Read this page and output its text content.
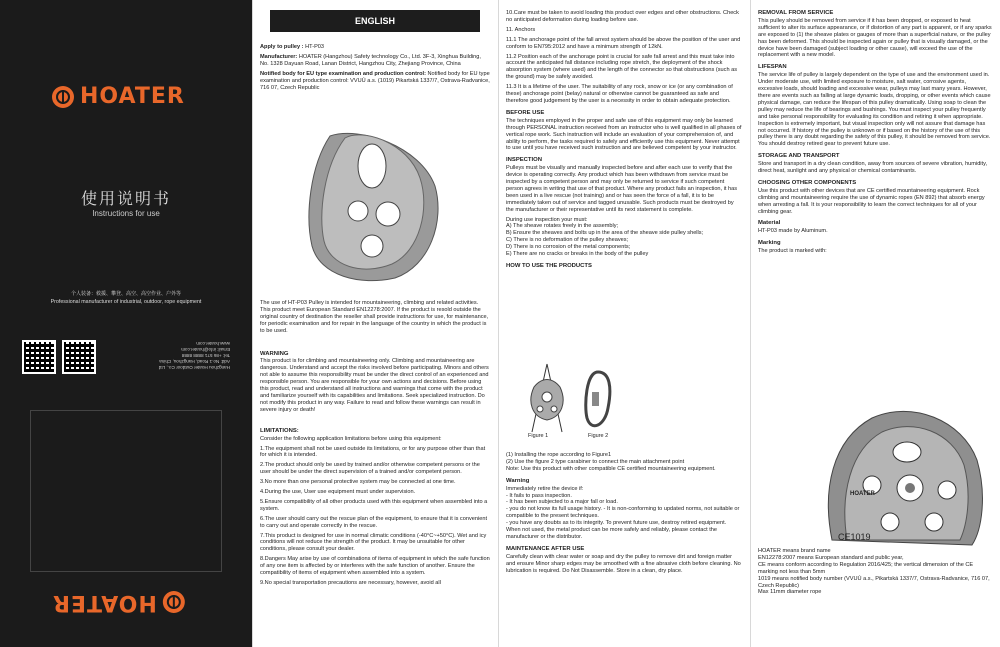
HOATER
使用说明书
Instructions for use
个人装备：救援、攀登、高空、高空作业、户外等
Professional manufacturer of industrial, outdoor, rope equipment
Hangzhou Hoater Outdoor Co., Ltd
Add: No.1 Road, Hangzhou, China
Tel: +86 571 8888 8888
Email: info@hoater.com
www.hoater.com
HOATER
ENGLISH

Apply to pulley : HT-P03

Manufacturer: HOATER (Hangzhou) Safety technology Co., Ltd. 3F-3, Xinghua Building, No. 1328 Dayuan Road, Lanan District, Hangzhou City, Zhejiang Province, China

Notified body for EU type examination and production control: Notified body for EU type examination and production control: VVUÚ a.s. (1019) Pikartská 1337/7, Ostrava-Radvanice, 716 07, Czech Republic

The use of HT-P03 Pulley is intended for mountaineering, climbing and related activities. This product meet European Standard EN12278:2007. If the product is resold outside the original country of destination the reseller shall provide instructions for use, for maintenance, for periodic examination and for repair in the language of the country in which the product is to be used.

WARNING

This product is for climbing and mountaineering only. Climbing and mountaineering are dangerous. Understand and accept the risks involved before participating. Minors and others not able to assume this responsibility must be under the direct control of an experienced and responsible person. You are responsible for your own actions and decisions. Before using this product, read and understand all instructions and warnings that come with the product and familiarize yourself with its capabilities and limitations. Seek specialized instruction. Do not modify this product in any way. Failure to read and follow these warnings can result in severe injury or death!

LIMITATIONS:

Consider the following application limitations before using this equipment:

1.The equipment shall not be used outside its limitations, or for any purpose other than that for which it is intended.

2.The product should only be used by trained and/or otherwise competent persons or the user should be under the direct supervision of a trained and/or competent person.

3.No more than one personal protective system may be connected at one time.

4.During the use, User use equipment must under supervision.

5.Ensure compatibility of all other products used with this equipment when assembled into a system.

6.The user should carry out the rescue plan of the equipment, to ensure that it is convenient to carry out and operate correctly in the rescue.

7.This product is designed for use in normal climatic conditions (-40°C~+50°C). Wet and icy conditions will not reduce the strength of the product. It may be unsuitable for other conditions, please consult your dealer.

8.Dangers May arise by use of combinations of items of equipment in which the safe function of any one item is affected by or interferes with the safe function of another. Ensure the compatibility of items of equipment when assembled into a system.

9.No special transportation precautions are necessary, however, avoid all

10.Care must be taken to avoid loading this product over edges and other obstructions. Check no anticipated deformation during loading before use.

11. Anchors

11.1 The anchorage point of the fall arrest system should be above the position of the user and conform to EN795:2012 and have a minimum strength of 12kN.

11.2 Position each of the anchorage point is crucial for safe fall arrest and this must take into account the anticipated fall distance including rope stretch, the deployment of the shock absorption system (where used) and the length of the connector so that obstructions (such as the ground) may be safely avoided.

11.3 It is a lifetime of the user. The suitability of any rock, snow or ice (or any combination of these) anchorage point (belay) natural or otherwise cannot be guaranteed as safe and therefore good judgement by the user is a necessity in order to obtain adequate protection.

BEFORE USE

The techniques employed in the proper and safe use of this equipment may only be learned through PERSONAL instruction received from an instructor who is well qualified in all phases of vertical rope work. Such instruction will include an evaluation of your comprehension of, and ability to perform, the tasks required to safely and efficiently use this equipment. Never attempt to use until you have received such instruction and are believed competent by your instructor.

INSPECTION

Pulleys must be visually and manually inspected before and after each use to verify that the device is operating correctly. Any product which has been withdrawn from service must be inspected by a competent person and may only be returned to service if such competent person agrees in writing that use of that product. Where any product fails an inspection, it has been used in a live rescue (not training) and or has seen the force of a fall, it is to be immediately taken out of service and tagged unusable. Such products must be destroyed by the manufacturer or their representative until its next statement is complete.

During use inspection your must:

A) The sheave rotates freely in the assembly;

B) Ensure the sheaves and bolts up in the area of the sheave side pulley shells;

C) There is no deformation of the pulley sheaves;

D) There is no corrosion of the metal components;

E) There are no cracks or breaks in the body of the pulley

HOW TO USE THE PRODUCTS
Figure 1	Figure 2

(1) Installing the rope according to Figure1

(2) Use the figure 2 type carabiner to connect the main attachment point

Note: Use this product with other compatible CE certified mountaineering equipment.

Warning

Immediately retire the device if:

- It fails to pass inspection.

- It has been subjected to a major fall or load.

- you do not know its full usage history. - It is non-conforming to updated norms, not suitable or compatible to the present techniques.

- you have any doubts as to its integrity. To prevent future use, destroy retired equipment.

When not used, the metal product can be more safely and reliably, please contact the manufacturer or the distributor.

MAINTENANCE AFTER USE

Carefully clean with clear water or soap and dry the pulley to remove dirt and foreign matter and ensure Minor sharp edges may be smoothed with a fine abrasive cloth before cleaning. No lubrication is required. Do Not Disassemble. Store in a clean, dry place.

REMOVAL FROM SERVICE

This pulley should be removed from service if it has been dropped, or exposed to heat sufficient to alter its surface appearance, or if distortion of any part is apparent, or if any sparks are exposed to (1) the sheave plates or gauges of more than a superficial nature, or the pulley has been deformed. This should be inspected again or pulley that is visually damaged, or the device have been damaged (subject loading or other cause), will exceed the use of the replacement with a new model.

LIFESPAN

The service life of pulley is largely dependent on the type of use and the environment used in. Under moderate use, with limited exposure to moisture, salt water, corrosive agents, excessive loads, should loading and excessive wear, pulleys may last many years. However, there are events such as falling at large dynamic loads, dropping, or other events which cause physical damage, can reduce the lifespan of this pulley dramatically. Using soap to clean the pulley may reduce the life of bearings and bushings. You must inspect your pulley frequently and take personal responsibility for evaluating its condition and retiring it when appropriate. Inspection is extremely important, but visual inspection only will not assure that damage has not occurred. If history of the pulley is unknown or if based on the history of the use of this pulley there is any doubt regarding the safety of this pulley, it should be removed from service. You should destroy retired gear to prevent future use.

STORAGE AND TRANSPORT

Store and transport in a dry clean condition, away from sources of severe vibration, humidity, direct heat, sunlight and any physical or chemical contaminants.

CHOOSING OTHER COMPONENTS

Use this product with other devices that are CE certified mountaineering equipment. Rock climbing and mountaineering require the use of dynamic ropes (EN 892) that absorb energy when arresting a fall. It is your responsibility to learn the correct techniques for all of your climbing gear.

Material

HT-P03 made by Aluminum.

Marking

The product is marked with:

HOATER
CE1019

HOATER means brand name

EN12278:2007 means European standard and public year,

CE means conform according to Regulation 2016/425; the vertical dimension of the CE marking not less than 5mm

1019 means notified body number (VVUÚ a.s., Pikartská 1337/7, Ostrava-Radvanice, 716 07, Czech Republic)

Max 11mm diameter rope
